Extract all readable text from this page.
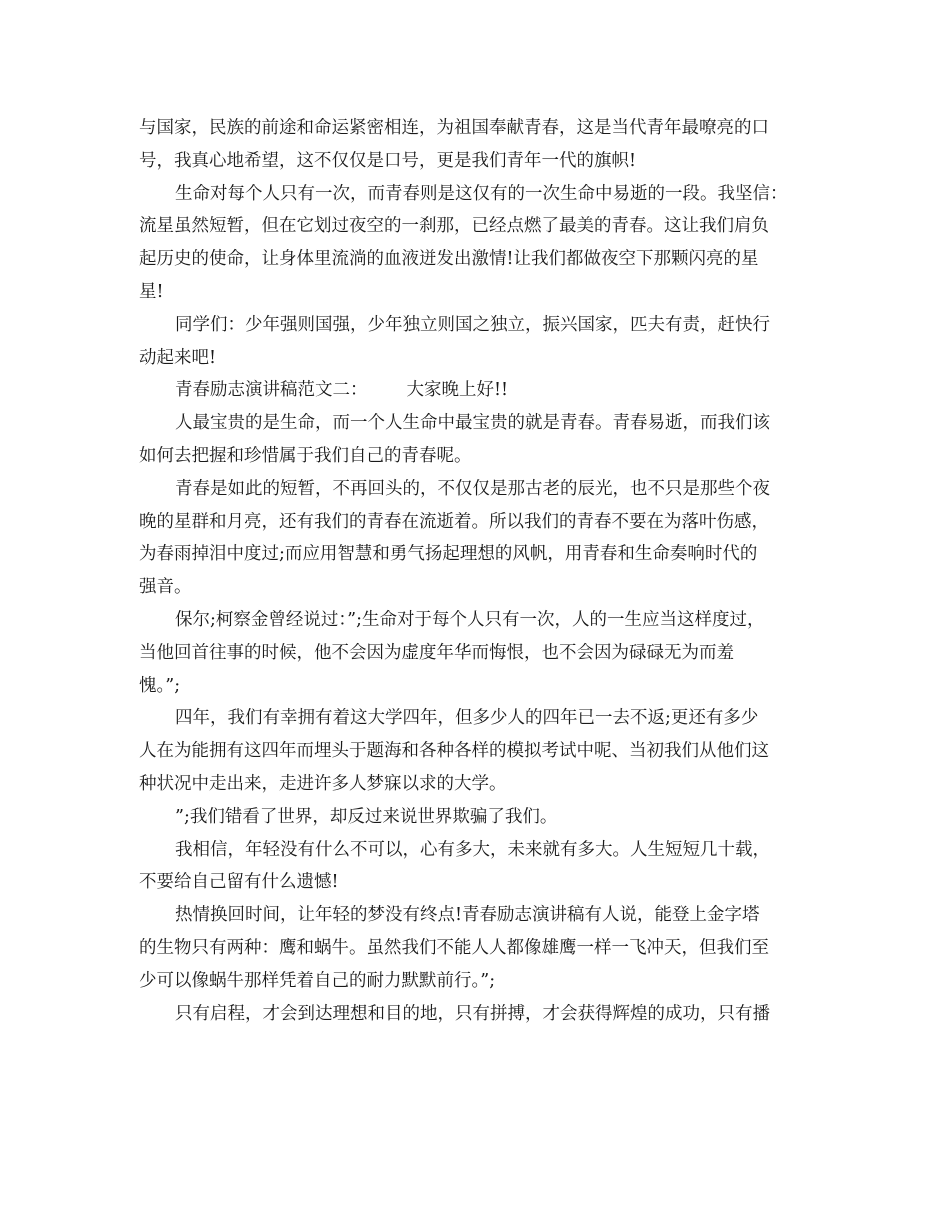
与国家，民族的前途和命运紧密相连，为祖国奉献青春，这是当代青年最嘹亮的口
号，我真心地希望，这不仅仅是口号，更是我们青年一代的旗帜!
生命对每个人只有一次，而青春则是这仅有的一次生命中易逝的一段。我坚信：
流星虽然短暂，但在它划过夜空的一刹那，已经点燃了最美的青春。这让我们肩负
起历史的使命，让身体里流淌的血液迸发出激情!让我们都做夜空下那颗闪亮的星
星!
同学们：少年强则国强，少年独立则国之独立，振兴国家，匹夫有责，赶快行
动起来吧!
青春励志演讲稿范文二：       大家晚上好!!
人最宝贵的是生命，而一个人生命中最宝贵的就是青春。青春易逝，而我们该
如何去把握和珍惜属于我们自己的青春呢。
青春是如此的短暂，不再回头的，不仅仅是那古老的辰光，也不只是那些个夜
晚的星群和月亮，还有我们的青春在流逝着。所以我们的青春不要在为落叶伤感，
为春雨掉泪中度过;而应用智慧和勇气扬起理想的风帆，用青春和生命奏响时代的
强音。
保尔;柯察金曾经说过：”;生命对于每个人只有一次，人的一生应当这样度过，
当他回首往事的时候，他不会因为虚度年华而悔恨，也不会因为碌碌无为而羞
愧。”;
四年，我们有幸拥有着这大学四年，但多少人的四年已一去不返;更还有多少
人在为能拥有这四年而埋头于题海和各种各样的模拟考试中呢、当初我们从他们这
种状况中走出来，走进许多人梦寐以求的大学。
”;我们错看了世界，却反过来说世界欺骗了我们。
我相信，年轻没有什么不可以，心有多大，未来就有多大。人生短短几十载，
不要给自己留有什么遗憾!
热情换回时间，让年轻的梦没有终点!青春励志演讲稿有人说，能登上金字塔
的生物只有两种：鹰和蜗牛。虽然我们不能人人都像雄鹰一样一飞冲天，但我们至
少可以像蜗牛那样凭着自己的耐力默默前行。”;
只有启程，才会到达理想和目的地，只有拼搏，才会获得辉煌的成功，只有播
